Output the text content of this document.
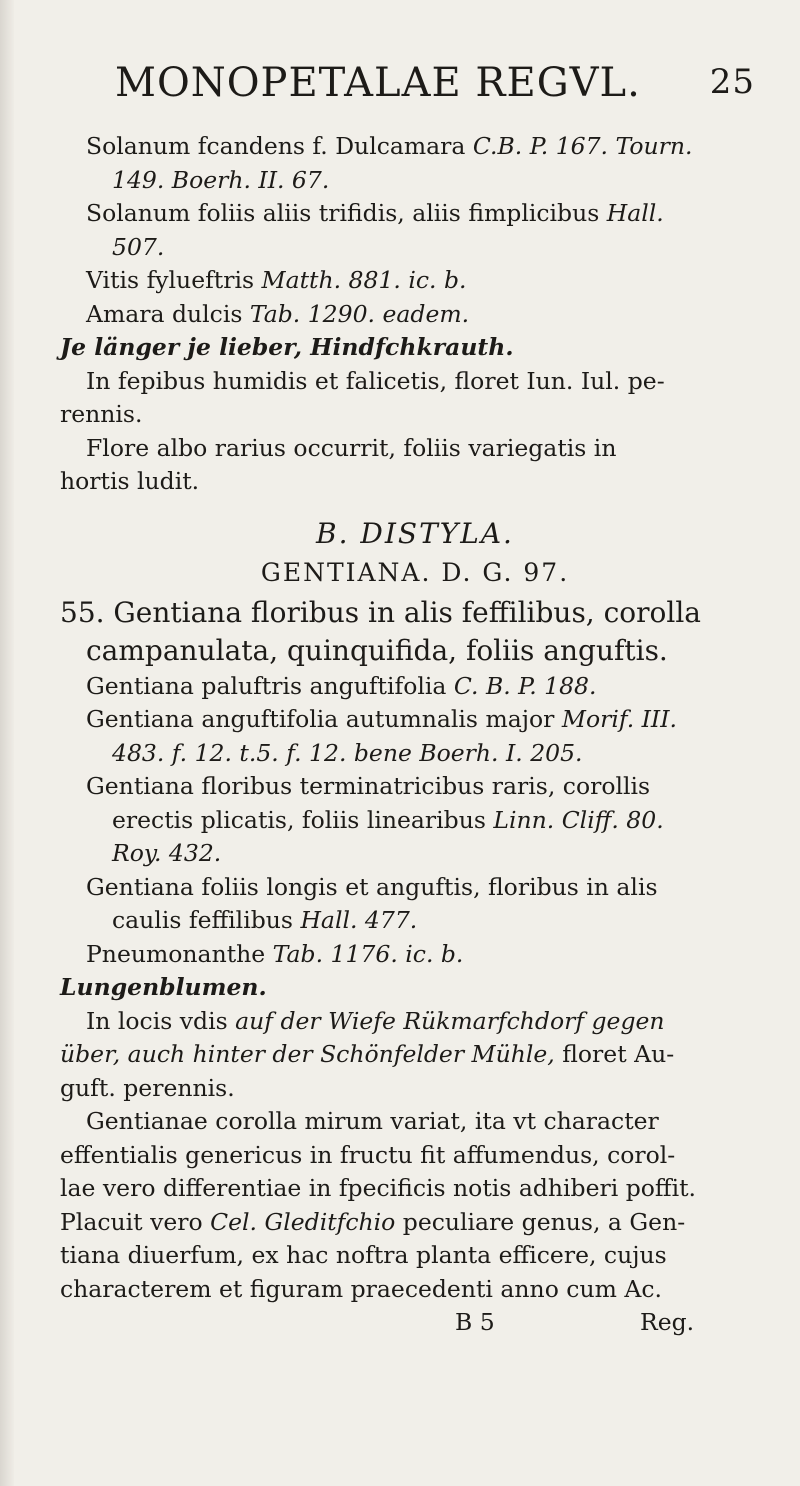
MONOPETALAE REGVL. 25
Solanum fcandens f. Dulcamara C.B. P. 167. Tourn.
149. Boerh. II. 67.
Solanum foliis aliis trifidis, aliis fimplicibus Hall.
507.
Vitis fylueftris Matth. 881. ic. b.
Amara dulcis Tab. 1290. eadem.
Je länger je lieber, Hindfchkrauth.
In fepibus humidis et falicetis, floret Iun. Iul. pe-
rennis.
Flore albo rarius occurrit, foliis variegatis in
hortis ludit.
B. DISTYLA.
GENTIANA. D. G. 97.
55. Gentiana floribus in alis feffilibus, corolla
campanulata, quinquifida, foliis anguftis.
Gentiana paluftris anguftifolia C. B. P. 188.
Gentiana anguftifolia autumnalis major Morif. III.
483. f. 12. t.5. f. 12. bene Boerh. I. 205.
Gentiana floribus terminatricibus raris, corollis
erectis plicatis, foliis linearibus Linn. Cliff. 80.
Roy. 432.
Gentiana foliis longis et anguftis, floribus in alis
caulis feffilibus Hall. 477.
Pneumonanthe Tab. 1176. ic. b.
Lungenblumen.
In locis vdis auf der Wiefe Rükmarfchdorf gegen
über, auch hinter der Schönfelder Mühle, floret Au-
guft. perennis.
Gentianae corolla mirum variat, ita vt character
effentialis genericus in fructu fit affumendus, corol-
lae vero differentiae in fpecificis notis adhiberi poffit.
Placuit vero Cel. Gleditfchio peculiare genus, a Gen-
tiana diuerfum, ex hac noftra planta efficere, cujus
characterem et figuram praecedenti anno cum Ac.
B 5	Reg.
